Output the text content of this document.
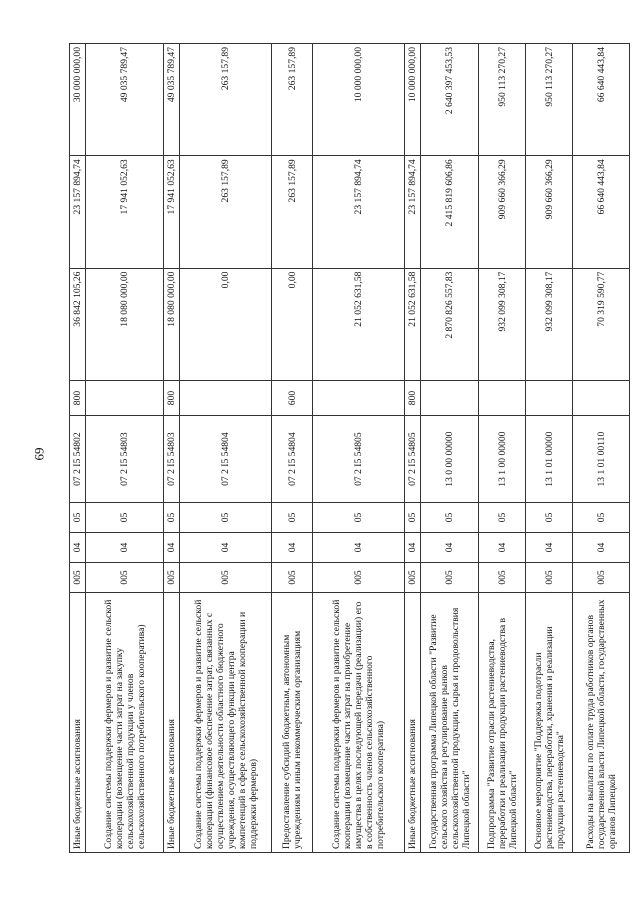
69
Иные бюджетные ассигнования	005	04	05	07 2 I5 54802	800	36 842 105,26	23 157 894,74	30 000 000,00
Создание системы поддержки фермеров и развитие сельской кооперации (возмещение части затрат на закупку сельскохозяйственной продукции у членов сельскохозяйственного потребительского кооператива)	005	04	05	07 2 I5 54803		18 080 000,00	17 941 052,63	49 035 789,47
Иные бюджетные ассигнования	005	04	05	07 2 I5 54803	800	18 080 000,00	17 941 052,63	49 035 789,47
Создание системы поддержки фермеров и развитие сельской кооперации (финансовое обеспечение затрат, связанных с осуществлением деятельности областного бюджетного учреждения, осуществляющего функции центра компетенций в сфере сельскохозяйственной кооперации и поддержки фермеров)	005	04	05	07 2 I5 54804		0,00	263 157,89	263 157,89
Предоставление субсидий бюджетным, автономным учреждениям и иным некоммерческим организациям	005	04	05	07 2 I5 54804	600	0,00	263 157,89	263 157,89
Создание системы поддержки фермеров и развитие сельской кооперации (возмещение части затрат на приобретение имущества в целях последующей передачи (реализации) его в собственность членов сельскохозяйственного потребительского кооператива)	005	04	05	07 2 I5 54805		21 052 631,58	23 157 894,74	10 000 000,00
Иные бюджетные ассигнования	005	04	05	07 2 I5 54805	800	21 052 631,58	23 157 894,74	10 000 000,00
Государственная программа Липецкой области "Развитие сельского хозяйства и регулирование рынков сельскохозяйственной продукции, сырья и продовольствия Липецкой области"	005	04	05	13 0 00 00000		2 870 826 557,83	2 415 819 606,86	2 640 397 453,53
Подпрограмма "Развитие отрасли растениеводства, переработки и реализации продукции растениеводства в Липецкой области"	005	04	05	13 1 00 00000		932 099 308,17	909 660 366,29	950 113 270,27
Основное мероприятие "Поддержка подотрасли растениеводства, переработки, хранения и реализации продукции растениеводства"	005	04	05	13 1 01 00000		932 099 308,17	909 660 366,29	950 113 270,27
Расходы на выплаты по оплате труда работников органов государственной власти Липецкой области, государственных органов Липецкой	005	04	05	13 1 01 00110		70 319 590,77	66 640 443,84	66 640 443,84
